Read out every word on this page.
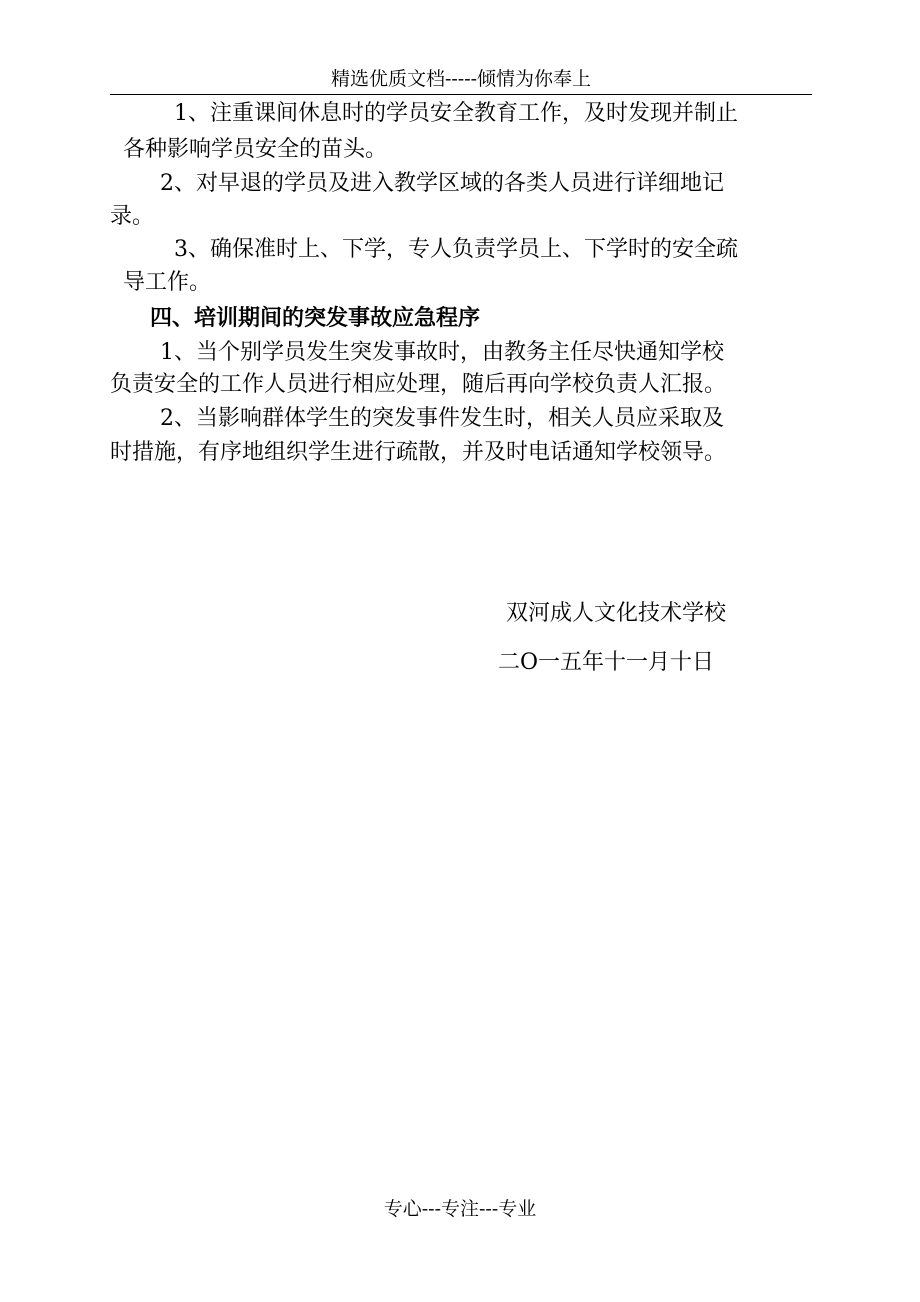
精选优质文档-----倾情为你奉上
1、注重课间休息时的学员安全教育工作，及时发现并制止
各种影响学员安全的苗头。
2、对早退的学员及进入教学区域的各类人员进行详细地记
录。
3、确保准时上、下学，专人负责学员上、下学时的安全疏
导工作。
四、培训期间的突发事故应急程序
1、当个别学员发生突发事故时，由教务主任尽快通知学校
负责安全的工作人员进行相应处理，随后再向学校负责人汇报。
2、当影响群体学生的突发事件发生时，相关人员应采取及
时措施，有序地组织学生进行疏散，并及时电话通知学校领导。
双河成人文化技术学校
二O一五年十一月十日
专心---专注---专业
